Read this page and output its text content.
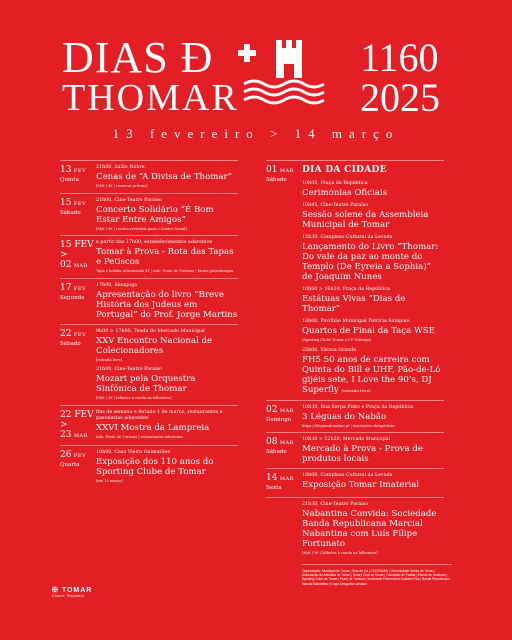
DIAS Đ
THOMAR
1160
2025
13 fevereiro > 14 março
13 FEV
Quinta
21h00, Salão Nobre
Cenas de “A Divisa de Thomar”
[M/6 | 4€ | reservas prévias]
15 FEV
Sábado
21h00, Cine-Teatro Paraíso
Concerto Solidário “É Bom Estar Entre Amigos”
[M/6 | 5€ | receita revertida para o Centro Social]
15 FEV >
02 MAR
a partir das 17h00, estabelecimentos aderentes
Tomar à Prova - Rota das Tapas e Petiscos
Tapa e bebida selecionada 4€ | info: Posto de Turismo | forms.gle/rotatapas
17 FEV
Segunda
17h00, Sinagoga
Apresentação do livro “Breve História dos Judeus em Portugal” do Prof. Jorge Martins
22 FEV
Sábado
9h00 > 17h00, Tenda do Mercado Municipal
XXV Encontro Nacional de Colecionadores
[entrada livre]
21h00, Cine-Teatro Paraíso
Mozart pela Orquestra Sinfónica de Thomar
[M/6 | 5€ | bilhetes à venda na bilheteira]
22 FEV >
23 MAR
fins de semana e feriado 1 de março, restaurantes e pastelarias aderentes
XXVI Mostra da Lampreia
Info: Posto de Turismo | restaurantes aderentes
26 FEV
Quarta
18h00, Casa Vieira Guimarães
Exposição dos 110 anos do Sporting Clube de Tomar
[até 15 março]
01 MAR
Sábado
DIA DA CIDADE
10h00, Praça da República
Cerimónias Oficiais
10h45, Cine-Teatro Paraíso
Sessão solene da Assembleia Municipal de Tomar
15h30, Complexo Cultural da Levada
Lançamento do Livro “Thomar: Do vale da paz ao monte do Templo (De Eyreia a Sophia)” de Joaquim Nunes
16h00 > 18h30, Praça da República
Estátuas Vivas “Dias de Thomar”
18h00, Pavilhão Municipal Patrícia Sampaio
Quartos de Final da Taça WSE
(Sporting Clube Tomar x CP Voltrega)
22h00, Várzea Grande
FH5 50 anos de carreira com Quinta do Bill e UHF, Pão-de-Ló gijéis sete, I Love the 90’s, DJ Superfly (entrada livre)
02 MAR
Domingo
10h30, Rua Serpa Pinto e Praça da República
3 Léguas do Nabão
https://3leguasdonabao.pt | inscrições obrigatórias
08 MAR
Sábado
10h30 > 12h30, Mercado Municipal
Mercado à Prova - Prova de produtos locais
14 MAR
Sexta
18h00, Complexo Cultural da Levada
Exposição Tomar Imaterial
21h30, Cine-Teatro Paraíso
Nabantina Convida: Sociedade Banda Republicana Marcial Nabantina com Luís Filipe Fortunato
[M/6 | 5€ | bilhetes à venda na bilheteira]
✠ TOMAR
Cidade Templária
Organização: Município de Tomar | Dias de Cá | CCDRAVAN | Universidade Sénior de Tomar | Associação de Artesãos de Tomar | Rotary Club de Tomar | Comissão de Festas | Escola de Hotelaria | Sporting Clube de Tomar | Posto de Turismo | Sociedade Filarmónica Gualdim Pais | Banda Republicana Marcial Nabantina | Grupo Desportivo Amador
